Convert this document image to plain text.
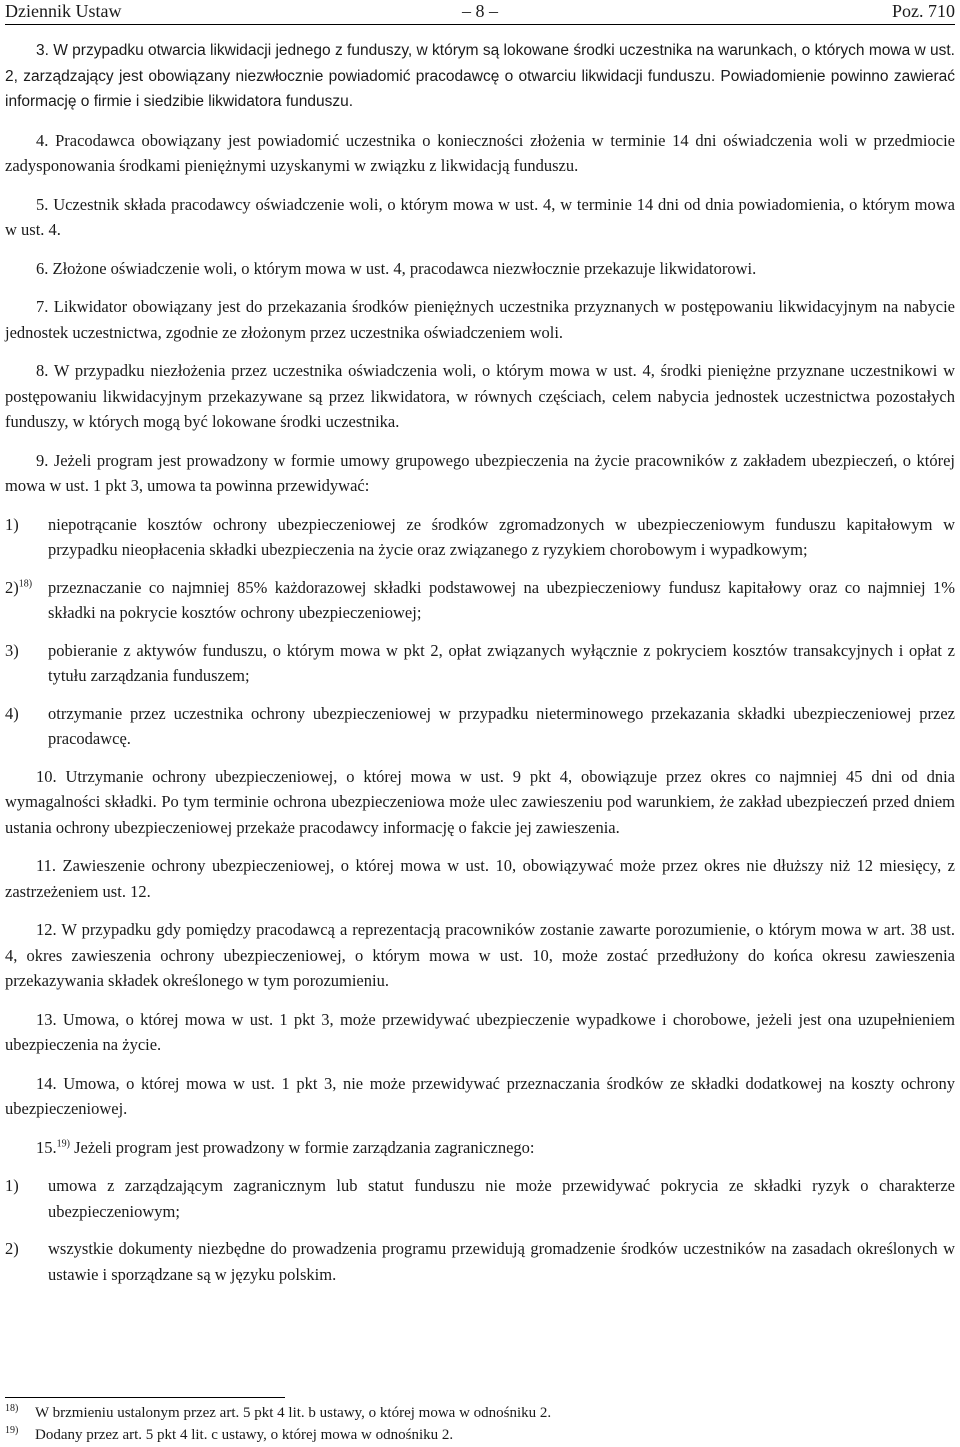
Dziennik Ustaw	– 8 –	Poz. 710

3. W przypadku otwarcia likwidacji jednego z funduszy, w którym są lokowane środki uczestnika na warunkach, o których mowa w ust. 2, zarządzający jest obowiązany niezwłocznie powiadomić pracodawcę o otwarciu likwidacji funduszu. Powiadomienie powinno zawierać informację o firmie i siedzibie likwidatora funduszu.

4. Pracodawca obowiązany jest powiadomić uczestnika o konieczności złożenia w terminie 14 dni oświadczenia woli w przedmiocie zadysponowania środkami pieniężnymi uzyskanymi w związku z likwidacją funduszu.

5. Uczestnik składa pracodawcy oświadczenie woli, o którym mowa w ust. 4, w terminie 14 dni od dnia powiadomienia, o którym mowa w ust. 4.

6. Złożone oświadczenie woli, o którym mowa w ust. 4, pracodawca niezwłocznie przekazuje likwidatorowi.

7. Likwidator obowiązany jest do przekazania środków pieniężnych uczestnika przyznanych w postępowaniu likwidacyjnym na nabycie jednostek uczestnictwa, zgodnie ze złożonym przez uczestnika oświadczeniem woli.

8. W przypadku niezłożenia przez uczestnika oświadczenia woli, o którym mowa w ust. 4, środki pieniężne przyznane uczestnikowi w postępowaniu likwidacyjnym przekazywane są przez likwidatora, w równych częściach, celem nabycia jednostek uczestnictwa pozostałych funduszy, w których mogą być lokowane środki uczestnika.

9. Jeżeli program jest prowadzony w formie umowy grupowego ubezpieczenia na życie pracowników z zakładem ubezpieczeń, o której mowa w ust. 1 pkt 3, umowa ta powinna przewidywać:

1)	niepotrącanie kosztów ochrony ubezpieczeniowej ze środków zgromadzonych w ubezpieczeniowym funduszu kapitałowym w przypadku nieopłacenia składki ubezpieczenia na życie oraz związanego z ryzykiem chorobowym i wypadkowym;
2)$^{18)}$ przeznaczanie co najmniej 85% każdorazowej składki podstawowej na ubezpieczeniowy fundusz kapitałowy oraz co najmniej 1% składki na pokrycie kosztów ochrony ubezpieczeniowej;
3)	pobieranie z aktywów funduszu, o którym mowa w pkt 2, opłat związanych wyłącznie z pokryciem kosztów transakcyjnych i opłat z tytułu zarządzania funduszem;
4)	otrzymanie przez uczestnika ochrony ubezpieczeniowej w przypadku nieterminowego przekazania składki ubezpieczeniowej przez pracodawcę.

10. Utrzymanie ochrony ubezpieczeniowej, o której mowa w ust. 9 pkt 4, obowiązuje przez okres co najmniej 45 dni od dnia wymagalności składki. Po tym terminie ochrona ubezpieczeniowa może ulec zawieszeniu pod warunkiem, że zakład ubezpieczeń przed dniem ustania ochrony ubezpieczeniowej przekaże pracodawcy informację o fakcie jej zawieszenia.

11. Zawieszenie ochrony ubezpieczeniowej, o której mowa w ust. 10, obowiązywać może przez okres nie dłuższy niż 12 miesięcy, z zastrzeżeniem ust. 12.

12. W przypadku gdy pomiędzy pracodawcą a reprezentacją pracowników zostanie zawarte porozumienie, o którym mowa w art. 38 ust. 4, okres zawieszenia ochrony ubezpieczeniowej, o którym mowa w ust. 10, może zostać przedłużony do końca okresu zawieszenia przekazywania składek określonego w tym porozumieniu.

13. Umowa, o której mowa w ust. 1 pkt 3, może przewidywać ubezpieczenie wypadkowe i chorobowe, jeżeli jest ona uzupełnieniem ubezpieczenia na życie.

14. Umowa, o której mowa w ust. 1 pkt 3, nie może przewidywać przeznaczania środków ze składki dodatkowej na koszty ochrony ubezpieczeniowej.

15.$^{19)}$ Jeżeli program jest prowadzony w formie zarządzania zagranicznego:

1)	umowa z zarządzającym zagranicznym lub statut funduszu nie może przewidywać pokrycia ze składki ryzyk o charakterze ubezpieczeniowym;
2)	wszystkie dokumenty niezbędne do prowadzenia programu przewidują gromadzenie środków uczestników na zasadach określonych w ustawie i sporządzane są w języku polskim.
18)	W brzmieniu ustalonym przez art. 5 pkt 4 lit. b ustawy, o której mowa w odnośniku 2.
19)	Dodany przez art. 5 pkt 4 lit. c ustawy, o której mowa w odnośniku 2.
